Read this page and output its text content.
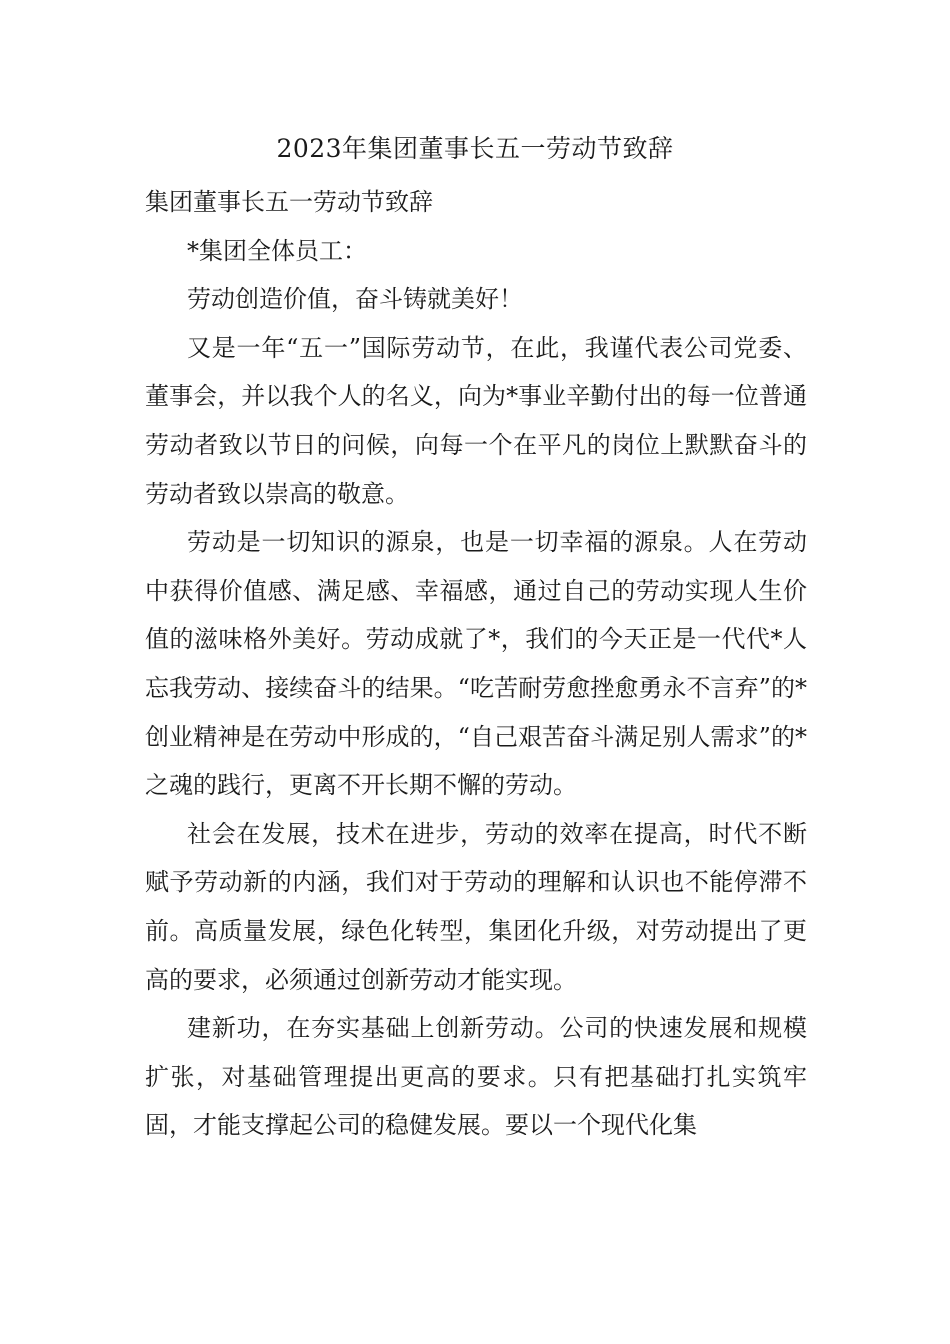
2023年集团董事长五一劳动节致辞

集团董事长五一劳动节致辞

*集团全体员工：

劳动创造价值，奋斗铸就美好！

又是一年“五一”国际劳动节，在此，我谨代表公司党委、董事会，并以我个人的名义，向为*事业辛勤付出的每一位普通劳动者致以节日的问候，向每一个在平凡的岗位上默默奋斗的劳动者致以崇高的敬意。

劳动是一切知识的源泉，也是一切幸福的源泉。人在劳动中获得价值感、满足感、幸福感，通过自己的劳动实现人生价值的滋味格外美好。劳动成就了*，我们的今天正是一代代*人忘我劳动、接续奋斗的结果。“吃苦耐劳愈挫愈勇永不言弃”的*创业精神是在劳动中形成的，“自己艰苦奋斗满足别人需求”的*之魂的践行，更离不开长期不懈的劳动。

社会在发展，技术在进步，劳动的效率在提高，时代不断赋予劳动新的内涵，我们对于劳动的理解和认识也不能停滞不前。高质量发展，绿色化转型，集团化升级，对劳动提出了更高的要求，必须通过创新劳动才能实现。

建新功，在夯实基础上创新劳动。公司的快速发展和规模扩张，对基础管理提出更高的要求。只有把基础打扎实筑牢固，才能支撑起公司的稳健发展。要以一个现代化集
